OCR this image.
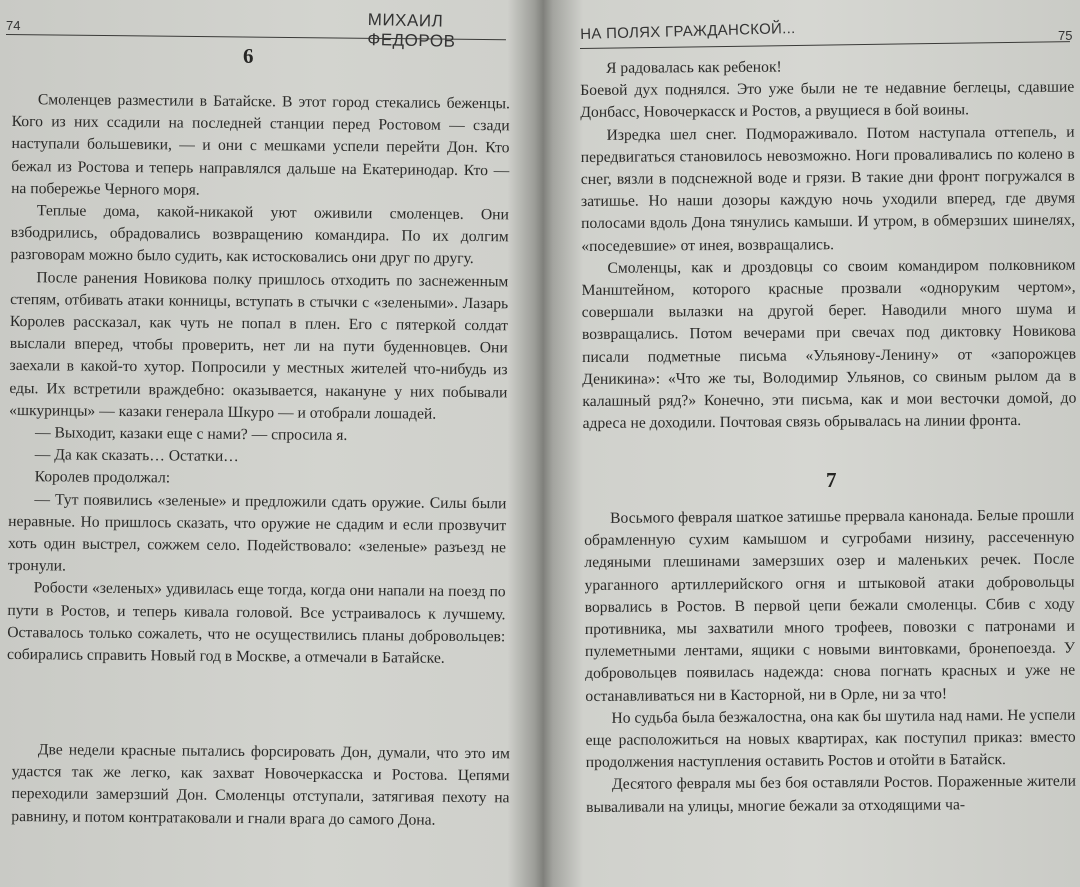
74	МИХАИЛ ФЕДОРОВ
6

Смоленцев разместили в Батайске. В этот город стекались беженцы. Кого из них ссадили на последней станции перед Ростовом — сзади наступали большевики, — и они с мешками успели перейти Дон. Кто бежал из Ростова и теперь направлялся дальше на Екатеринодар. Кто — на побережье Черного моря.

Теплые дома, какой-никакой уют оживили смоленцев. Они взбодрились, обрадовались возвращению командира. По их долгим разговорам можно было судить, как истосковались они друг по другу.

После ранения Новикова полку пришлось отходить по заснеженным степям, отбивать атаки конницы, вступать в стычки с «зелеными». Лазарь Королев рассказал, как чуть не попал в плен. Его с пятеркой солдат выслали вперед, чтобы проверить, нет ли на пути буденновцев. Они заехали в какой-то хутор. Попросили у местных жителей что-нибудь из еды. Их встретили враждебно: оказывается, накануне у них побывали «шкуринцы» — казаки генерала Шкуро — и отобрали лошадей.

— Выходит, казаки еще с нами? — спросила я.

— Да как сказать… Остатки…

Королев продолжал:

— Тут появились «зеленые» и предложили сдать оружие. Силы были неравные. Но пришлось сказать, что оружие не сдадим и если прозвучит хоть один выстрел, сожжем село. Подействовало: «зеленые» разъезд не тронули.

Робости «зеленых» удивилась еще тогда, когда они напали на поезд по пути в Ростов, и теперь кивала головой. Все устраивалось к лучшему. Оставалось только сожалеть, что не осуществились планы добровольцев: собирались справить Новый год в Москве, а отмечали в Батайске.

Две недели красные пытались форсировать Дон, думали, что это им удастся так же легко, как захват Новочеркасска и Ростова. Цепями переходили замерзший Дон. Смоленцы отступали, затягивая пехоту на равнину, и потом контратаковали и гнали врага до самого Дона.

НА ПОЛЯХ ГРАЖДАНСКОЙ...	75

Я радовалась как ребенок!

Боевой дух поднялся. Это уже были не те недавние беглецы, сдавшие Донбасс, Новочеркасск и Ростов, а рвущиеся в бой воины.

Изредка шел снег. Подмораживало. Потом наступала оттепель, и передвигаться становилось невозможно. Ноги проваливались по колено в снег, вязли в подснежной воде и грязи. В такие дни фронт погружался в затишье. Но наши дозоры каждую ночь уходили вперед, где двумя полосами вдоль Дона тянулись камыши. И утром, в обмерзших шинелях, «поседевшие» от инея, возвращались.

Смоленцы, как и дроздовцы со своим командиром полковником Манштейном, которого красные прозвали «одноруким чертом», совершали вылазки на другой берег. Наводили много шума и возвращались. Потом вечерами при свечах под диктовку Новикова писали подметные письма «Ульянову-Ленину» от «запорожцев Деникина»: «Что же ты, Володимир Ульянов, со свиным рылом да в калашный ряд?» Конечно, эти письма, как и мои весточки домой, до адреса не доходили. Почтовая связь обрывалась на линии фронта.

7

Восьмого февраля шаткое затишье прервала канонада. Белые прошли обрамленную сухим камышом и сугробами низину, рассеченную ледяными плешинами замерзших озер и маленьких речек. После ураганного артиллерийского огня и штыковой атаки добровольцы ворвались в Ростов. В первой цепи бежали смоленцы. Сбив с ходу противника, мы захватили много трофеев, повозки с патронами и пулеметными лентами, ящики с новыми винтовками, бронепоезда. У добровольцев появилась надежда: снова погнать красных и уже не останавливаться ни в Касторной, ни в Орле, ни за что!

Но судьба была безжалостна, она как бы шутила над нами. Не успели еще расположиться на новых квартирах, как поступил приказ: вместо продолжения наступления оставить Ростов и отойти в Батайск.

Десятого февраля мы без боя оставляли Ростов. Пораженные жители вываливали на улицы, многие бежали за отходящими ча-
